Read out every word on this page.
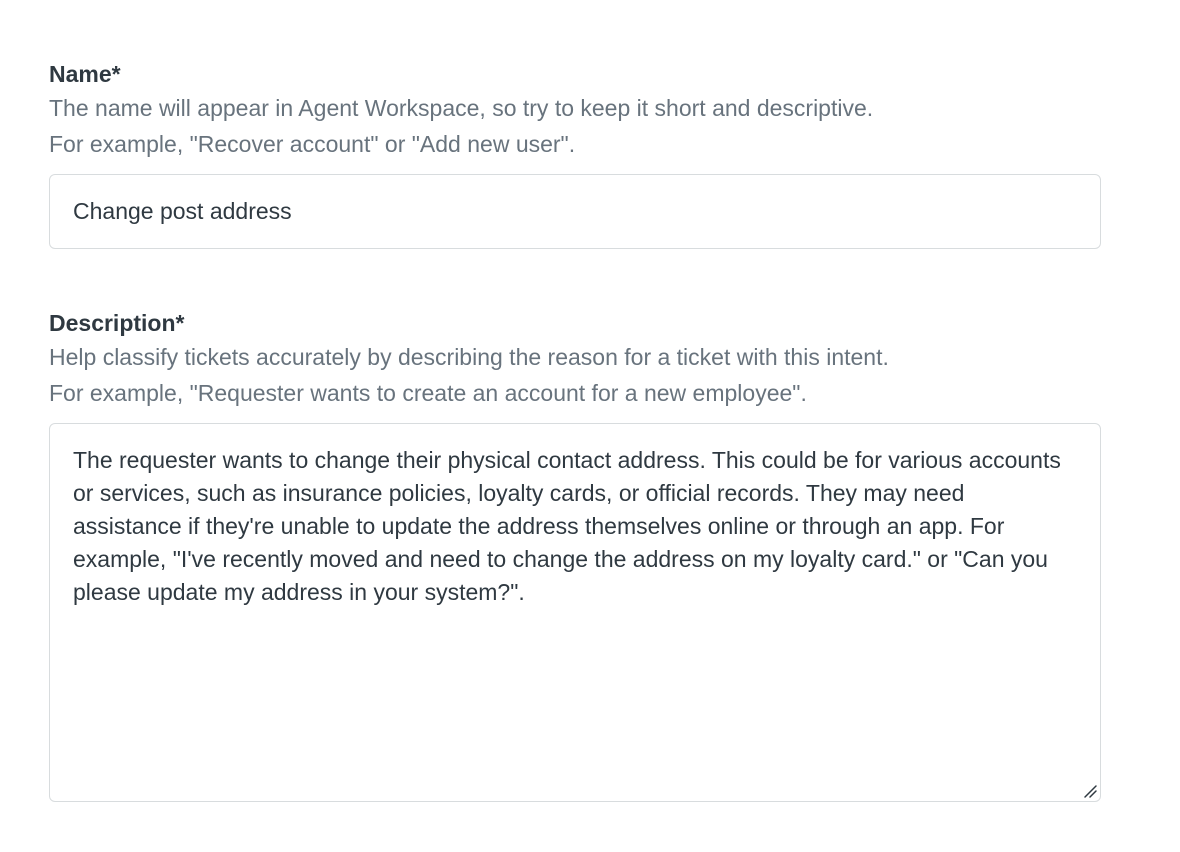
Name*

The name will appear in Agent Workspace, so try to keep it short and descriptive.
For example, "Recover account" or "Add new user".

Change post address

Description*

Help classify tickets accurately by describing the reason for a ticket with this intent.
For example, "Requester wants to create an account for a new employee".

The requester wants to change their physical contact address. This could be for various accounts or services, such as insurance policies, loyalty cards, or official records. They may need assistance if they're unable to update the address themselves online or through an app. For example, "I've recently moved and need to change the address on my loyalty card." or "Can you please update my address in your system?".
